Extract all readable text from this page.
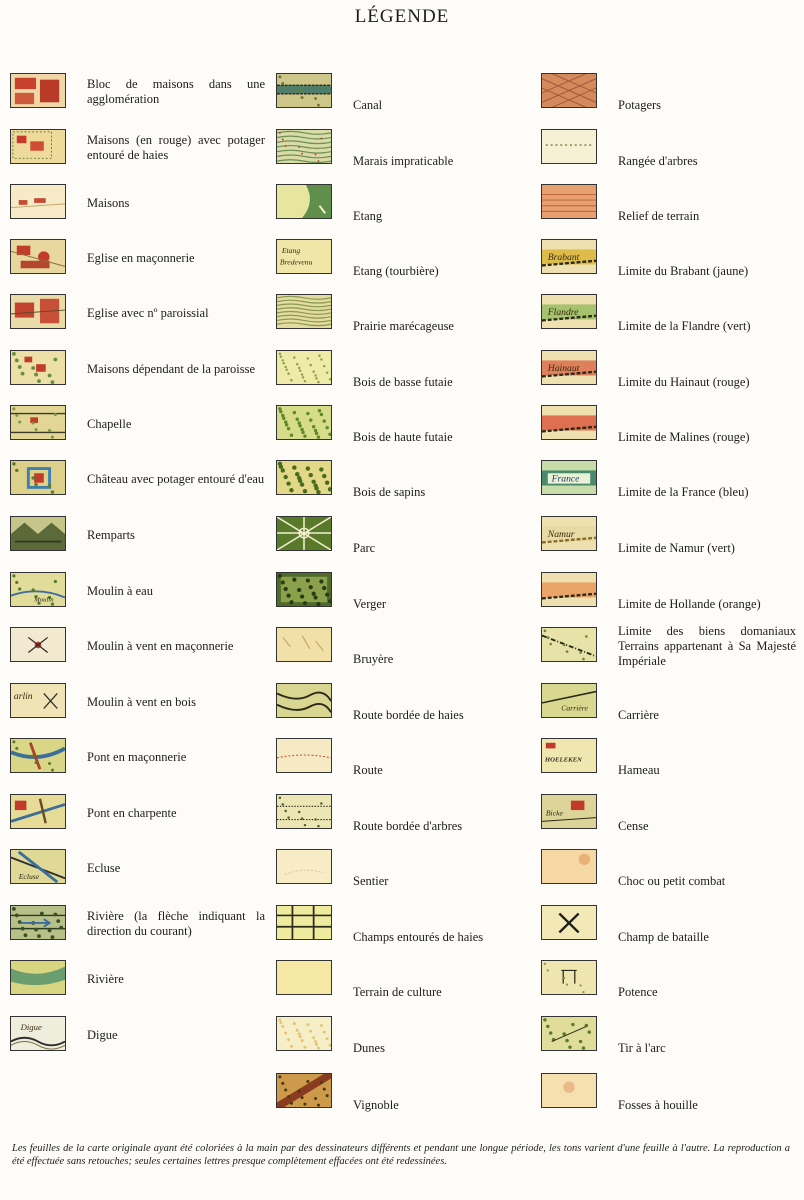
LÉGENDE
Bloc de maisons dans une agglomération
Maisons (en rouge) avec potager entouré de haies
Maisons
Eglise en maçonnerie
Eglise avec nº paroissial
Maisons dépendant de la paroisse
Chapelle
Château avec potager entouré d'eau
Remparts
Moulin
Moulin à eau
Moulin à vent en maçonnerie
arlin	Moulin à vent en bois
Pont en maçonnerie
Pont en charpente
Ecluse
Ecluse
Rivière (la flèche indiquant la direction du courant)
Rivière
Digue
Digue
Canal
Marais impraticable
Etang
Etang
Bredevenu
Etang (tourbière)
Prairie marécageuse
Bois de basse futaie
Bois de haute futaie
Bois de sapins
Parc
Verger
Bruyère
Route bordée de haies
Route
Route bordée d'arbres
Sentier
Champs entourés de haies
Terrain de culture
Dunes
Vignoble
Potagers
Rangée d'arbres
Relief de terrain
Brabant
Limite du Brabant (jaune)
Flandre
Limite de la Flandre (vert)
Hainaut
Limite du Hainaut (rouge)
Limite de Malines (rouge)
France
Limite de la France (bleu)
Namur
Limite de Namur (vert)
Limite de Hollande (orange)
Limite des biens domaniaux Terrains appartenant à Sa Majesté Impériale
Carrière
Carrière
HOELEKEN
Hameau
Bicke
Cense
Choc ou petit combat
Champ de bataille
Potence
Tir à l'arc
Fosses à houille
Les feuilles de la carte originale ayant été coloriées à la main par des dessinateurs différents et pendant une longue période, les tons varient d'une feuille à l'autre. La reproduction a été effectuée sans retouches; seules certaines lettres presque complètement effacées ont été redessinées.
